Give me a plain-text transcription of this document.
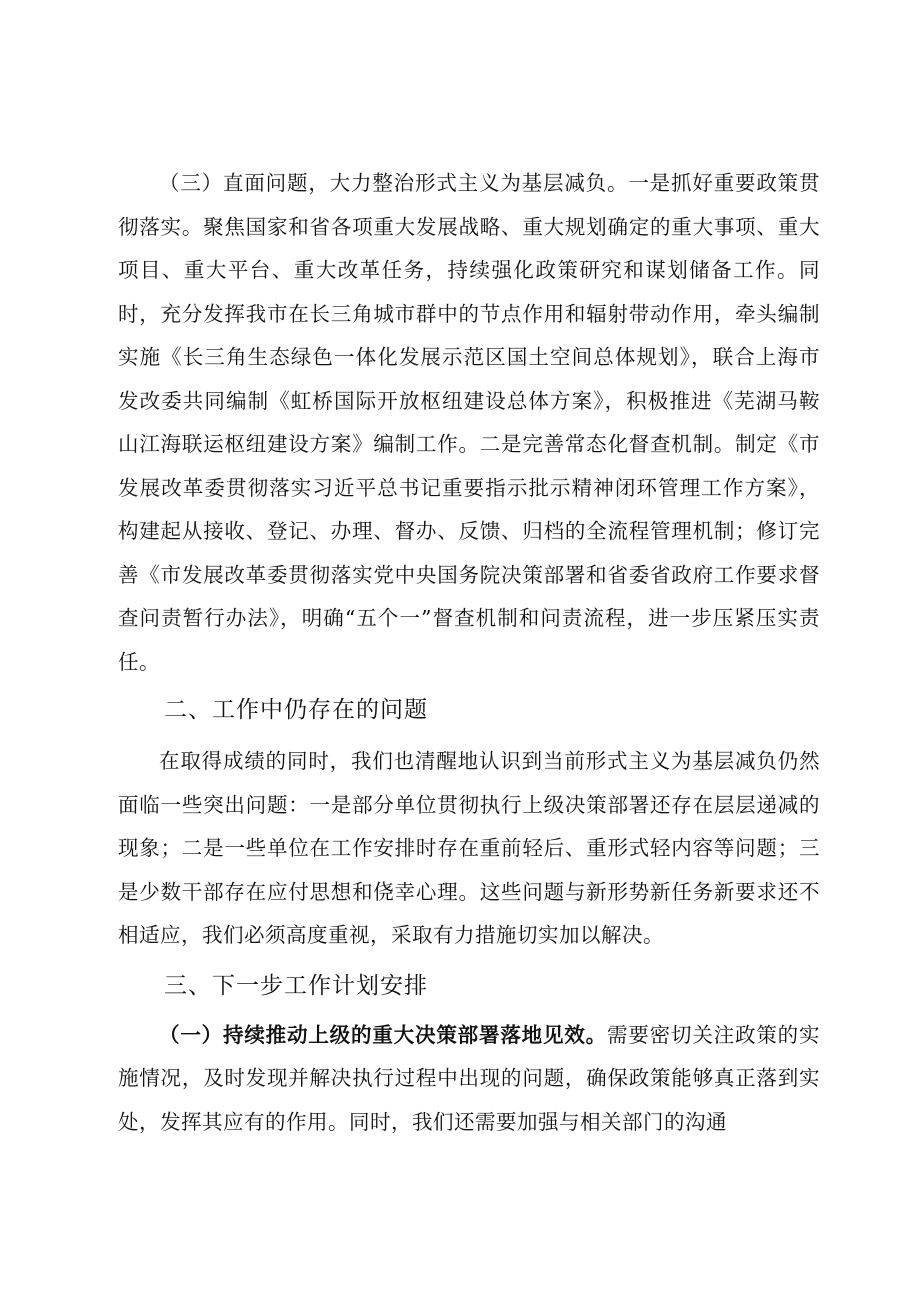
（三）直面问题，大力整治形式主义为基层减负。一是抓好重要政策贯彻落实。聚焦国家和省各项重大发展战略、重大规划确定的重大事项、重大项目、重大平台、重大改革任务，持续强化政策研究和谋划储备工作。同时，充分发挥我市在长三角城市群中的节点作用和辐射带动作用，牵头编制实施《长三角生态绿色一体化发展示范区国土空间总体规划》，联合上海市发改委共同编制《虹桥国际开放枢纽建设总体方案》，积极推进《芜湖马鞍山江海联运枢纽建设方案》编制工作。二是完善常态化督查机制。制定《市发展改革委贯彻落实习近平总书记重要指示批示精神闭环管理工作方案》，构建起从接收、登记、办理、督办、反馈、归档的全流程管理机制；修订完善《市发展改革委贯彻落实党中央国务院决策部署和省委省政府工作要求督查问责暂行办法》，明确“五个一”督查机制和问责流程，进一步压紧压实责任。

二、工作中仍存在的问题

在取得成绩的同时，我们也清醒地认识到当前形式主义为基层减负仍然面临一些突出问题：一是部分单位贯彻执行上级决策部署还存在层层递减的现象；二是一些单位在工作安排时存在重前轻后、重形式轻内容等问题；三是少数干部存在应付思想和侥幸心理。这些问题与新形势新任务新要求还不相适应，我们必须高度重视，采取有力措施切实加以解决。

三、下一步工作计划安排

（一）持续推动上级的重大决策部署落地见效。需要密切关注政策的实施情况，及时发现并解决执行过程中出现的问题，确保政策能够真正落到实处，发挥其应有的作用。同时，我们还需要加强与相关部门的沟通
